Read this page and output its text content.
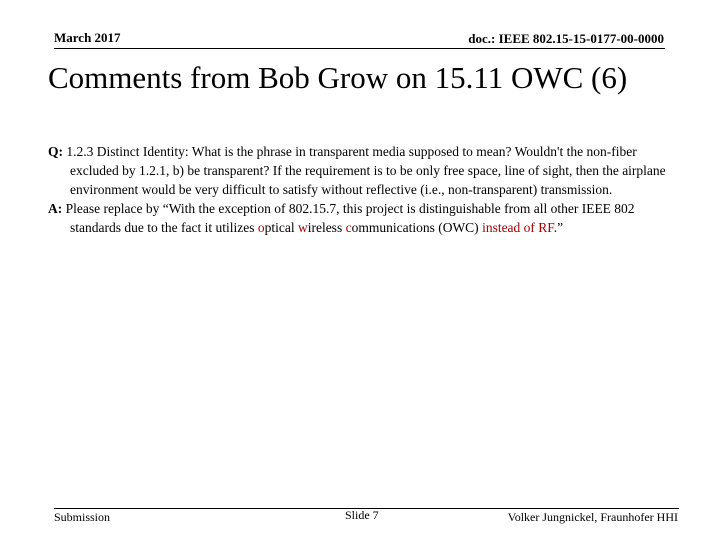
March 2017	doc.: IEEE 802.15-15-0177-00-0000
Comments from Bob Grow on 15.11 OWC (6)

Q: 1.2.3 Distinct Identity: What is the phrase in transparent media supposed to mean? Wouldn't the non-fiber excluded by 1.2.1, b) be transparent? If the requirement is to be only free space, line of sight, then the airplane environment would be very difficult to satisfy without reflective (i.e., non-transparent) transmission.

A: Please replace by “With the exception of 802.15.7, this project is distinguishable from all other IEEE 802 standards due to the fact it utilizes optical wireless communications (OWC) instead of RF.”

Submission	Slide 7	Volker Jungnickel, Fraunhofer HHI
